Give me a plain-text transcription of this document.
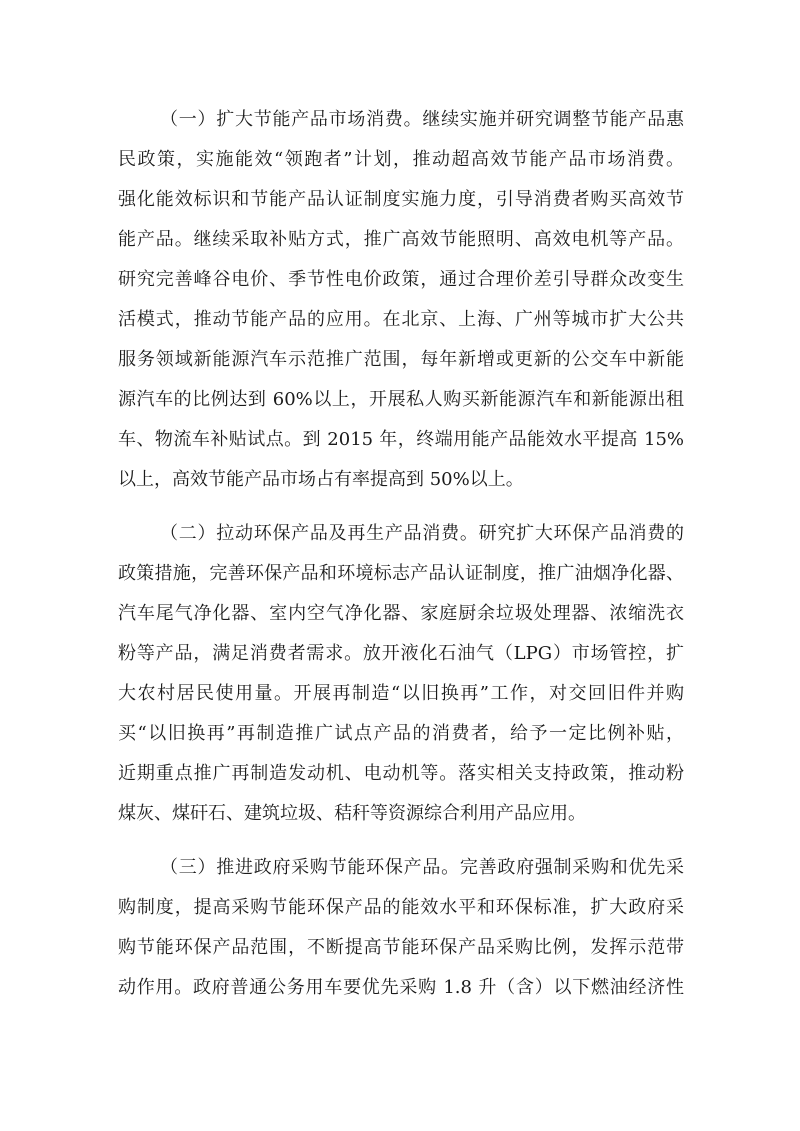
（一）扩大节能产品市场消费。继续实施并研究调整节能产品惠
民政策，实施能效“领跑者”计划，推动超高效节能产品市场消费。
强化能效标识和节能产品认证制度实施力度，引导消费者购买高效节
能产品。继续采取补贴方式，推广高效节能照明、高效电机等产品。
研究完善峰谷电价、季节性电价政策，通过合理价差引导群众改变生
活模式，推动节能产品的应用。在北京、上海、广州等城市扩大公共
服务领域新能源汽车示范推广范围，每年新增或更新的公交车中新能
源汽车的比例达到 60%以上，开展私人购买新能源汽车和新能源出租
车、物流车补贴试点。到 2015 年，终端用能产品能效水平提高 15%
以上，高效节能产品市场占有率提高到 50%以上。
（二）拉动环保产品及再生产品消费。研究扩大环保产品消费的
政策措施，完善环保产品和环境标志产品认证制度，推广油烟净化器、
汽车尾气净化器、室内空气净化器、家庭厨余垃圾处理器、浓缩洗衣
粉等产品，满足消费者需求。放开液化石油气（LPG）市场管控，扩
大农村居民使用量。开展再制造“以旧换再”工作，对交回旧件并购
买“以旧换再”再制造推广试点产品的消费者，给予一定比例补贴，
近期重点推广再制造发动机、电动机等。落实相关支持政策，推动粉
煤灰、煤矸石、建筑垃圾、秸秆等资源综合利用产品应用。
（三）推进政府采购节能环保产品。完善政府强制采购和优先采
购制度，提高采购节能环保产品的能效水平和环保标准，扩大政府采
购节能环保产品范围，不断提高节能环保产品采购比例，发挥示范带
动作用。政府普通公务用车要优先采购 1.8 升（含）以下燃油经济性
